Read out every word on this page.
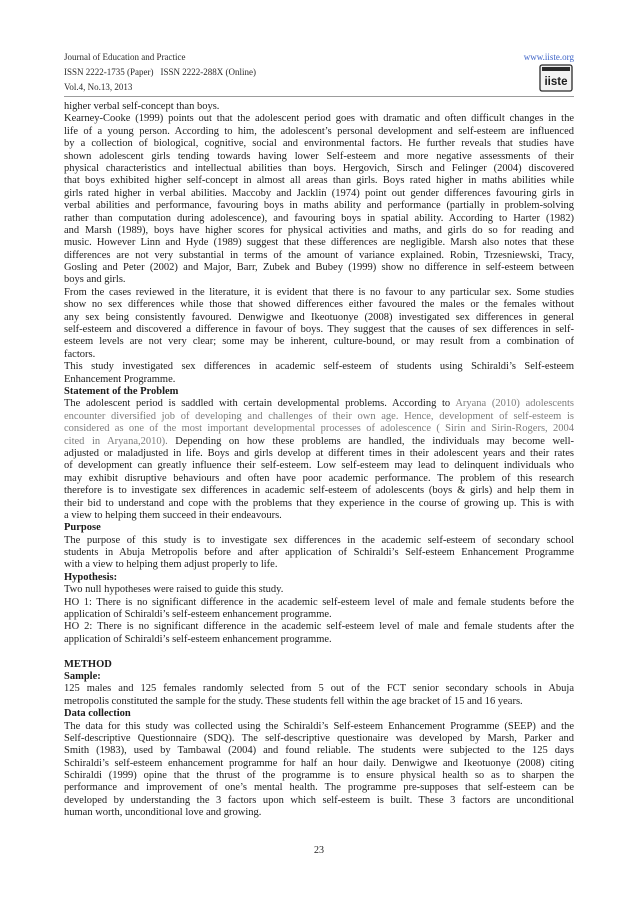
Journal of Education and Practice	www.iiste.org
ISSN 2222-1735 (Paper) ISSN 2222-288X (Online)
Vol.4, No.13, 2013	iiste
higher verbal self-concept than boys.
Kearney-Cooke (1999) points out that the adolescent period goes with dramatic and often difficult changes in the
life of a young person. According to him, the adolescent’s personal development and self-esteem are influenced
by a collection of biological, cognitive, social and environmental factors. He further reveals that studies have
shown adolescent girls tending towards having lower Self-esteem and more negative assessments of their
physical characteristics and intellectual abilities than boys. Hergovich, Sirsch and Felinger (2004) discovered
that boys exhibited higher self-concept in almost all areas than girls. Boys rated higher in maths abilities while
girls rated higher in verbal abilities. Maccoby and Jacklin (1974) point out gender differences favouring girls in
verbal abilities and performance, favouring boys in maths ability and performance (partially in problem-solving
rather than computation during adolescence), and favouring boys in spatial ability. According to Harter (1982)
and Marsh (1989), boys have higher scores for physical activities and maths, and girls do so for reading and
music. However Linn and Hyde (1989) suggest that these differences are negligible. Marsh also notes that these
differences are not very substantial in terms of the amount of variance explained. Robin, Trzesniewski, Tracy,
Gosling and Peter (2002) and Major, Barr, Zubek and Bubey (1999) show no difference in self-esteem between
boys and girls.
From the cases reviewed in the literature, it is evident that there is no favour to any particular sex. Some studies
show no sex differences while those that showed differences either favoured the males or the females without
any sex being consistently favoured. Denwigwe and Ikeotuonye (2008) investigated sex differences in general
self-esteem and discovered a difference in favour of boys. They suggest that the causes of sex differences in self-
esteem levels are not very clear; some may be inherent, culture-bound, or may result from a combination of
factors.
This study investigated sex differences in academic self-esteem of students using Schiraldi’s Self-esteem
Enhancement Programme.
Statement of the Problem
The adolescent period is saddled with certain developmental problems. According to Aryana (2010) adolescents
encounter diversified job of developing and challenges of their own age. Hence, development of self-esteem is
considered as one of the most important developmental processes of adolescence ( Sirin and Sirin-Rogers, 2004
cited in Aryana,2010). Depending on how these problems are handled, the individuals may become well-
adjusted or maladjusted in life. Boys and girls develop at different times in their adolescent years and their rates
of development can greatly influence their self-esteem. Low self-esteem may lead to delinquent individuals who
may exhibit disruptive behaviours and often have poor academic performance. The problem of this research
therefore is to investigate sex differences in academic self-esteem of adolescents (boys & girls) and help them in
their bid to understand and cope with the problems that they experience in the course of growing up. This is with
a view to helping them succeed in their endeavours.
Purpose
The purpose of this study is to investigate sex differences in the academic self-esteem of secondary school
students in Abuja Metropolis before and after application of Schiraldi’s Self-esteem Enhancement Programme
with a view to helping them adjust properly to life.
Hypothesis:
Two null hypotheses were raised to guide this study.
HO 1: There is no significant difference in the academic self-esteem level of male and female students before the
application of Schiraldi’s self-esteem enhancement programme.
HO 2: There is no significant difference in the academic self-esteem level of male and female students after the
application of Schiraldi’s self-esteem enhancement programme.
METHOD
Sample:
125 males and 125 females randomly selected from 5 out of the FCT senior secondary schools in Abuja
metropolis constituted the sample for the study. These students fell within the age bracket of 15 and 16 years.
Data collection
The data for this study was collected using the Schiraldi’s Self-esteem Enhancement Programme (SEEP) and the
Self-descriptive Questionnaire (SDQ). The self-descriptive questionaire was developed by Marsh, Parker and
Smith (1983), used by Tambawal (2004) and found reliable. The students were subjected to the 125 days
Schiraldi’s self-esteem enhancement programme for half an hour daily. Denwigwe and Ikeotuonye (2008) citing
Schiraldi (1999) opine that the thrust of the programme is to ensure physical health so as to sharpen the
performance and improvement of one’s mental health. The programme pre-supposes that self-esteem can be
developed by understanding the 3 factors upon which self-esteem is built. These 3 factors are unconditional
human worth, unconditional love and growing.
23
